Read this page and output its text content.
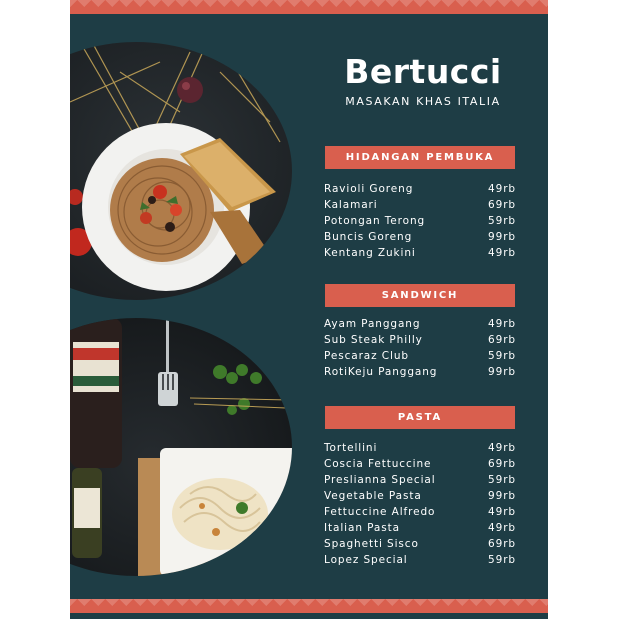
Bertucci
MASAKAN KHAS ITALIA
HIDANGAN PEMBUKA
Ravioli Goreng	49rb
Kalamari	69rb
Potongan Terong	59rb
Buncis Goreng	99rb
Kentang Zukini	49rb
SANDWICH
Ayam Panggang	49rb
Sub Steak Philly	69rb
Pescaraz Club	59rb
RotiKeju Panggang	99rb
PASTA
Tortellini	49rb
Coscia Fettuccine	69rb
Preslianna Special	59rb
Vegetable Pasta	99rb
Fettuccine Alfredo	49rb
Italian Pasta	49rb
Spaghetti Sisco	69rb
Lopez Special	59rb
